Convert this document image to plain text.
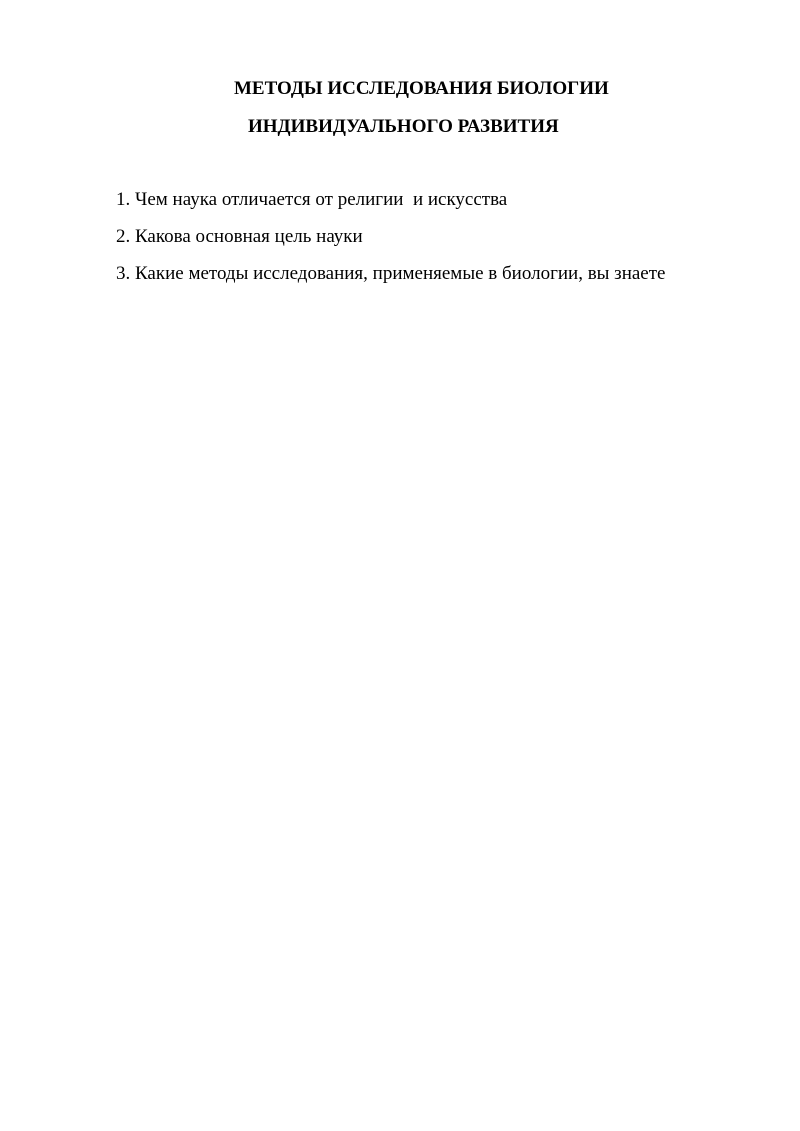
МЕТОДЫ ИССЛЕДОВАНИЯ БИОЛОГИИ
ИНДИВИДУАЛЬНОГО РАЗВИТИЯ
1. Чем наука отличается от религии  и искусства
2. Какова основная цель науки
3. Какие методы исследования, применяемые в биологии, вы знаете
